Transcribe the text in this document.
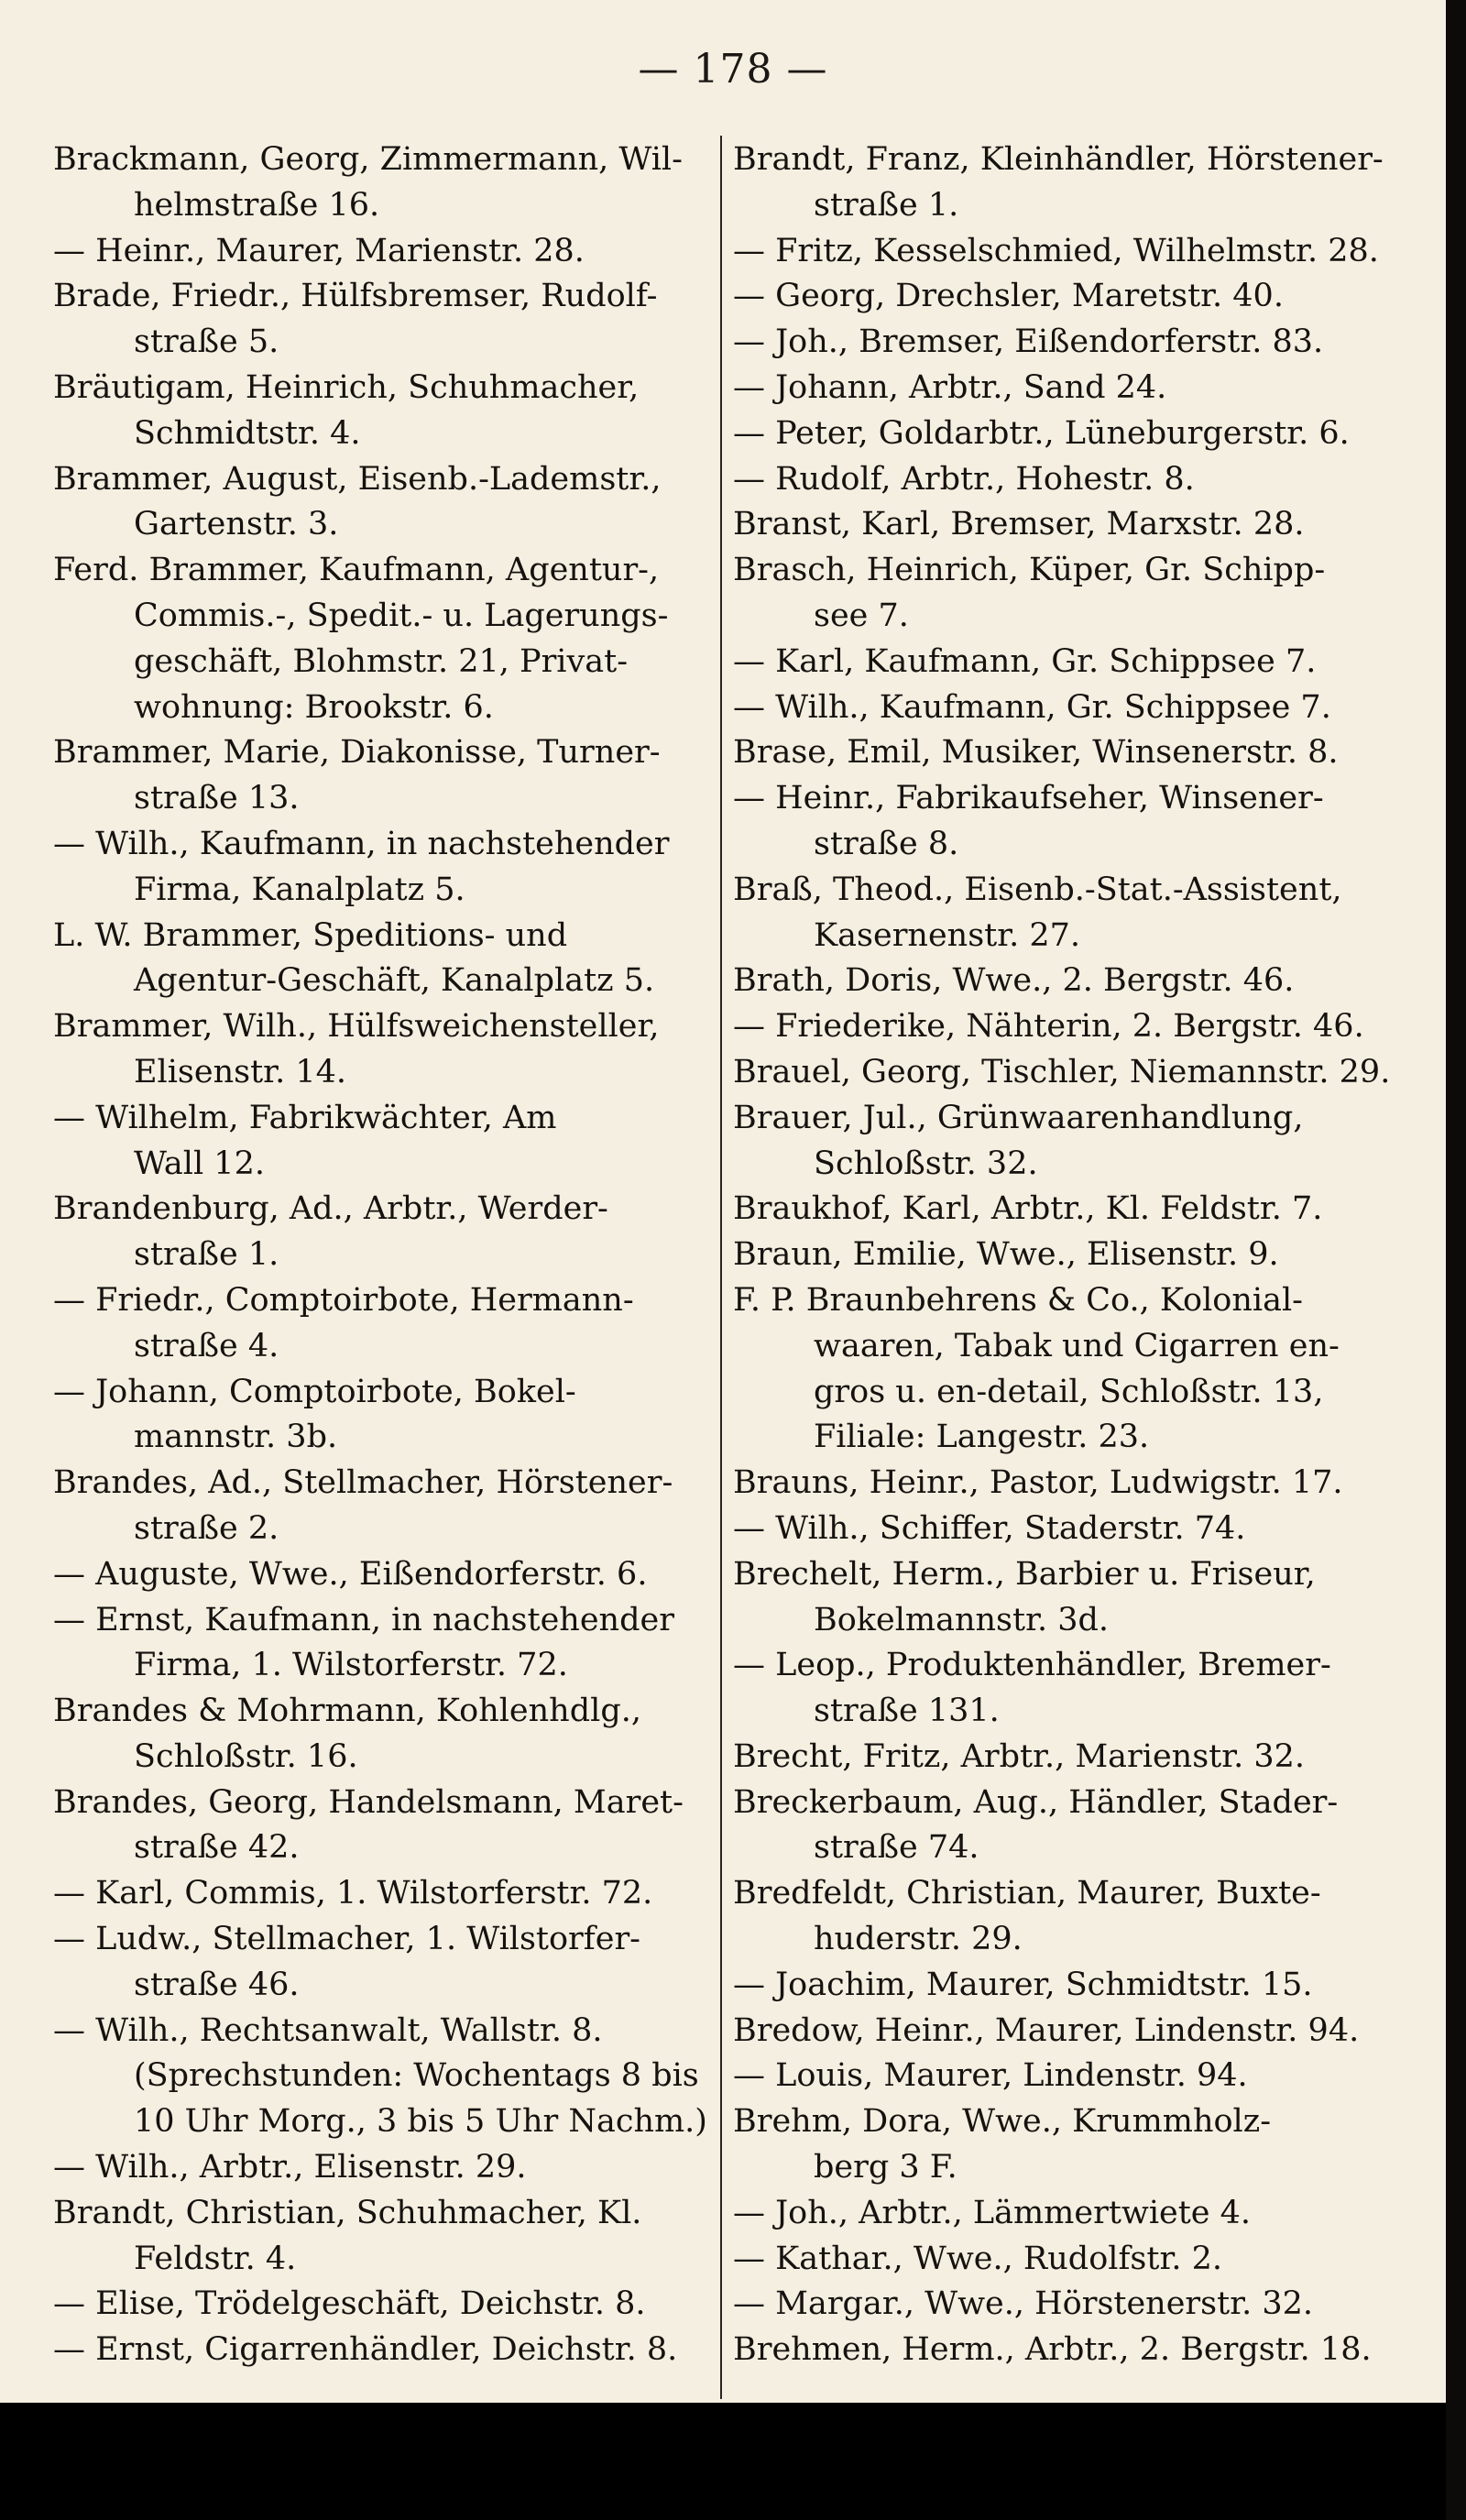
— 178 —
Brackmann, Georg, Zimmermann, Wil-
helmstraße 16.
— Heinr., Maurer, Marienstr. 28.
Brade, Friedr., Hülfsbremser, Rudolf-
straße 5.
Bräutigam, Heinrich, Schuhmacher,
Schmidtstr. 4.
Brammer, August, Eisenb.-Lademstr.,
Gartenstr. 3.
Ferd. Brammer, Kaufmann, Agentur-,
Commis.-, Spedit.- u. Lagerungs-
geschäft, Blohmstr. 21, Privat-
wohnung: Brookstr. 6.
Brammer, Marie, Diakonisse, Turner-
straße 13.
— Wilh., Kaufmann, in nachstehender
Firma, Kanalplatz 5.
L. W. Brammer, Speditions- und
Agentur-Geschäft, Kanalplatz 5.
Brammer, Wilh., Hülfsweichensteller,
Elisenstr. 14.
— Wilhelm, Fabrikwächter, Am
Wall 12.
Brandenburg, Ad., Arbtr., Werder-
straße 1.
— Friedr., Comptoirbote, Hermann-
straße 4.
— Johann, Comptoirbote, Bokel-
mannstr. 3b.
Brandes, Ad., Stellmacher, Hörstener-
straße 2.
— Auguste, Wwe., Eißendorferstr. 6.
— Ernst, Kaufmann, in nachstehender
Firma, 1. Wilstorferstr. 72.
Brandes & Mohrmann, Kohlenhdlg.,
Schloßstr. 16.
Brandes, Georg, Handelsmann, Maret-
straße 42.
— Karl, Commis, 1. Wilstorferstr. 72.
— Ludw., Stellmacher, 1. Wilstorfer-
straße 46.
— Wilh., Rechtsanwalt, Wallstr. 8.
(Sprechstunden: Wochentags 8 bis
10 Uhr Morg., 3 bis 5 Uhr Nachm.)
— Wilh., Arbtr., Elisenstr. 29.
Brandt, Christian, Schuhmacher, Kl.
Feldstr. 4.
— Elise, Trödelgeschäft, Deichstr. 8.
— Ernst, Cigarrenhändler, Deichstr. 8.
Brandt, Franz, Kleinhändler, Hörstener-
straße 1.
— Fritz, Kesselschmied, Wilhelmstr. 28.
— Georg, Drechsler, Maretstr. 40.
— Joh., Bremser, Eißendorferstr. 83.
— Johann, Arbtr., Sand 24.
— Peter, Goldarbtr., Lüneburgerstr. 6.
— Rudolf, Arbtr., Hohestr. 8.
Branst, Karl, Bremser, Marxstr. 28.
Brasch, Heinrich, Küper, Gr. Schipp-
see 7.
— Karl, Kaufmann, Gr. Schippsee 7.
— Wilh., Kaufmann, Gr. Schippsee 7.
Brase, Emil, Musiker, Winsenerstr. 8.
— Heinr., Fabrikaufseher, Winsener-
straße 8.
Braß, Theod., Eisenb.-Stat.-Assistent,
Kasernenstr. 27.
Brath, Doris, Wwe., 2. Bergstr. 46.
— Friederike, Nähterin, 2. Bergstr. 46.
Brauel, Georg, Tischler, Niemannstr. 29.
Brauer, Jul., Grünwaarenhandlung,
Schloßstr. 32.
Braukhof, Karl, Arbtr., Kl. Feldstr. 7.
Braun, Emilie, Wwe., Elisenstr. 9.
F. P. Braunbehrens & Co., Kolonial-
waaren, Tabak und Cigarren en-
gros u. en-detail, Schloßstr. 13,
Filiale: Langestr. 23.
Brauns, Heinr., Pastor, Ludwigstr. 17.
— Wilh., Schiffer, Staderstr. 74.
Brechelt, Herm., Barbier u. Friseur,
Bokelmannstr. 3d.
— Leop., Produktenhändler, Bremer-
straße 131.
Brecht, Fritz, Arbtr., Marienstr. 32.
Breckerbaum, Aug., Händler, Stader-
straße 74.
Bredfeldt, Christian, Maurer, Buxte-
huderstr. 29.
— Joachim, Maurer, Schmidtstr. 15.
Bredow, Heinr., Maurer, Lindenstr. 94.
— Louis, Maurer, Lindenstr. 94.
Brehm, Dora, Wwe., Krummholz-
berg 3 F.
— Joh., Arbtr., Lämmertwiete 4.
— Kathar., Wwe., Rudolfstr. 2.
— Margar., Wwe., Hörstenerstr. 32.
Brehmen, Herm., Arbtr., 2. Bergstr. 18.
